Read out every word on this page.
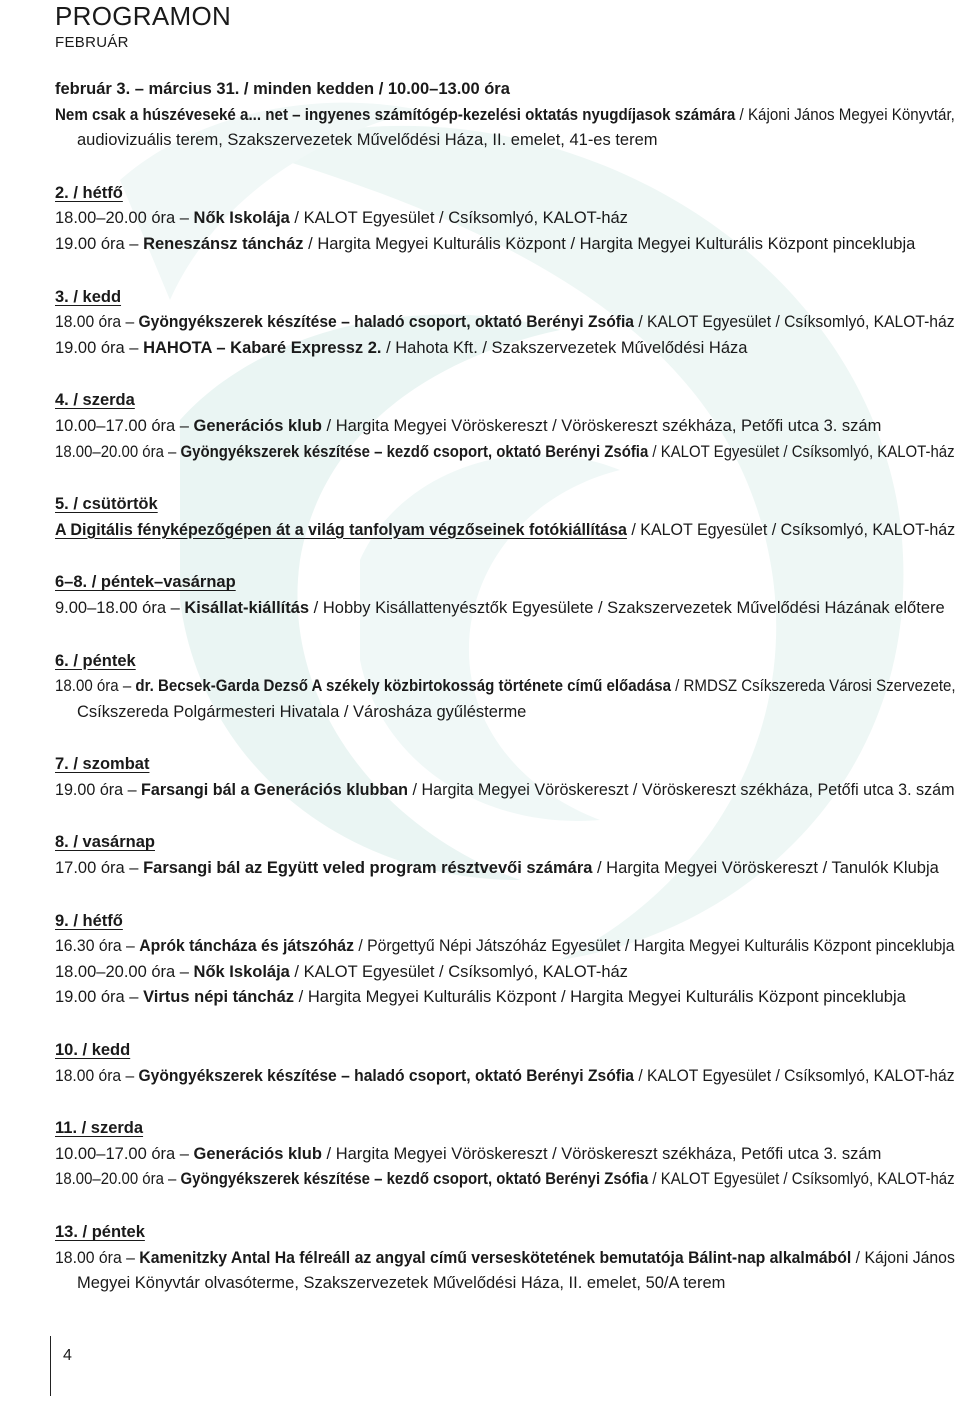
PROGRAMON
FEBRUÁR
február 3. – március 31. / minden kedden / 10.00–13.00 óra
Nem csak a húszéveseké a... net – ingyenes számítógép-kezelési oktatás nyugdíjasok számára / Kájoni János Megyei Könyvtár,
audiovizuális terem, Szakszervezetek Művelődési Háza, II. emelet, 41-es terem
2. / hétfő
18.00–20.00 óra – Nők Iskolája / KALOT Egyesület / Csíksomlyó, KALOT-ház
19.00 óra – Reneszánsz táncház / Hargita Megyei Kulturális Központ / Hargita Megyei Kulturális Központ pinceklubja
3. / kedd
18.00 óra – Gyöngyékszerek készítése – haladó csoport, oktató Berényi Zsófia / KALOT Egyesület / Csíksomlyó, KALOT-ház
19.00 óra – HAHOTA – Kabaré Expressz 2. / Hahota Kft. / Szakszervezetek Művelődési Háza
4. / szerda
10.00–17.00 óra – Generációs klub / Hargita Megyei Vöröskereszt / Vöröskereszt székháza, Petőfi utca 3. szám
18.00–20.00 óra – Gyöngyékszerek készítése – kezdő csoport, oktató Berényi Zsófia / KALOT Egyesület / Csíksomlyó, KALOT-ház
5. / csütörtök
A Digitális fényképezőgépen át a világ tanfolyam végzőseinek fotókiállítása / KALOT Egyesület / Csíksomlyó, KALOT-ház
6–8. / péntek–vasárnap
9.00–18.00 óra – Kisállat-kiállítás / Hobby Kisállattenyésztők Egyesülete / Szakszervezetek Művelődési Házának előtere
6. / péntek
18.00 óra – dr. Becsek-Garda Dezső A székely közbirtokosság története című előadása / RMDSZ Csíkszereda Városi Szervezete,
Csíkszereda Polgármesteri Hivatala / Városháza gyűlésterme
7. / szombat
19.00 óra – Farsangi bál a Generációs klubban / Hargita Megyei Vöröskereszt / Vöröskereszt székháza, Petőfi utca 3. szám
8. / vasárnap
17.00 óra – Farsangi bál az Együtt veled program résztvevői számára / Hargita Megyei Vöröskereszt / Tanulók Klubja
9. / hétfő
16.30 óra – Aprók táncháza és játszóház / Pörgettyű Népi Játszóház Egyesület / Hargita Megyei Kulturális Központ pinceklubja
18.00–20.00 óra – Nők Iskolája / KALOT Egyesület / Csíksomlyó, KALOT-ház
19.00 óra – Virtus népi táncház / Hargita Megyei Kulturális Központ / Hargita Megyei Kulturális Központ pinceklubja
10. / kedd
18.00 óra – Gyöngyékszerek készítése – haladó csoport, oktató Berényi Zsófia / KALOT Egyesület / Csíksomlyó, KALOT-ház
11. / szerda
10.00–17.00 óra – Generációs klub / Hargita Megyei Vöröskereszt / Vöröskereszt székháza, Petőfi utca 3. szám
18.00–20.00 óra – Gyöngyékszerek készítése – kezdő csoport, oktató Berényi Zsófia / KALOT Egyesület / Csíksomlyó, KALOT-ház
13. / péntek
18.00 óra – Kamenitzky Antal Ha félreáll az angyal című verseskötetének bemutatója Bálint-nap alkalmából / Kájoni János
Megyei Könyvtár olvasóterme, Szakszervezetek Művelődési Háza, II. emelet, 50/A terem
4
